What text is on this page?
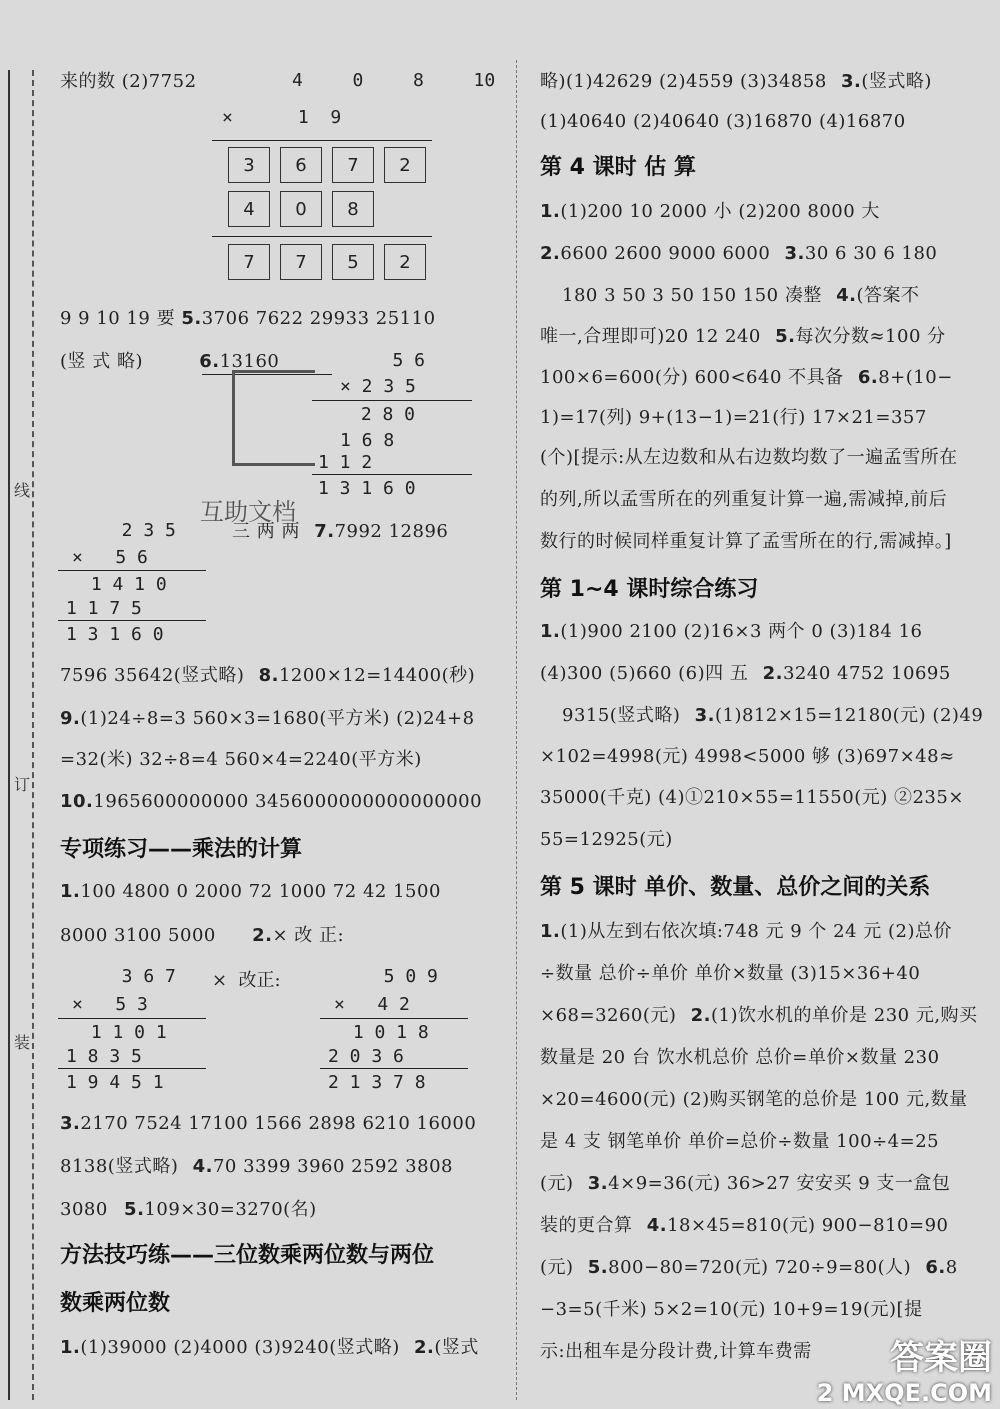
线
订
装
来的数 (2)7752	4  0  8  10
×      1  9
3	6	7	2
4	0	8
7	7	5	2
9 9 10 19 要 5.3706 7622 29933 25110
(竖 式 略)	6.13160	5 6
× 2 3 5
2 8 0
1 6 8
1 1 2
1 3 1 6 0
互助文档
三 两 两 7.7992 12896
2 3 5
×   5 6
1 4 1 0
1 1 7 5
1 3 1 6 0
7596 35642(竖式略) 8.1200×12=14400(秒)
9.(1)24÷8=3 560×3=1680(平方米) (2)24+8
=32(米) 32÷8=4 560×4=2240(平方米)
10.1965600000000 3456000000000000000
专项练习——乘法的计算
1.100 4800 0 2000 72 1000 72 42 1500
8000 3100 5000 2.× 改 正:
3 6 7 ×  改正:
×   5 3
1 1 0 1
1 8 3 5
1 9 4 5 1
5 0 9
×   4 2
1 0 1 8
2 0 3 6
2 1 3 7 8
3.2170 7524 17100 1566 2898 6210 16000
8138(竖式略) 4.70 3399 3960 2592 3808
3080 5.109×30=3270(名)
方法技巧练——三位数乘两位数与两位
数乘两位数
1.(1)39000 (2)4000 (3)9240(竖式略) 2.(竖式
略)(1)42629 (2)4559 (3)34858 3.(竖式略)
(1)40640 (2)40640 (3)16870 (4)16870
第 4 课时 估 算
1.(1)200 10 2000 小 (2)200 8000 大
2.6600 2600 9000 6000 3.30 6 30 6 180
180 3 50 3 50 150 150 凑整 4.(答案不
唯一,合理即可)20 12 240 5.每次分数≈100 分
100×6=600(分) 600<640 不具备 6.8+(10−
1)=17(列) 9+(13−1)=21(行) 17×21=357
(个)[提示:从左边数和从右边数均数了一遍孟雪所在
的列,所以孟雪所在的列重复计算一遍,需减掉,前后
数行的时候同样重复计算了孟雪所在的行,需减掉。]
第 1~4 课时综合练习
1.(1)900 2100 (2)16×3 两个 0 (3)184 16
(4)300 (5)660 (6)四 五 2.3240 4752 10695
9315(竖式略) 3.(1)812×15=12180(元) (2)49
×102=4998(元) 4998<5000 够 (3)697×48≈
35000(千克) (4)①210×55=11550(元) ②235×
55=12925(元)
第 5 课时 单价、数量、总价之间的关系
1.(1)从左到右依次填:748 元 9 个 24 元 (2)总价
÷数量 总价÷单价 单价×数量 (3)15×36+40
×68=3260(元) 2.(1)饮水机的单价是 230 元,购买
数量是 20 台 饮水机总价 总价=单价×数量 230
×20=4600(元) (2)购买钢笔的总价是 100 元,数量
是 4 支 钢笔单价 单价=总价÷数量 100÷4=25
(元) 3.4×9=36(元) 36>27 安安买 9 支一盒包
装的更合算 4.18×45=810(元) 900−810=90
(元) 5.800−80=720(元) 720÷9=80(人) 6.8
−3=5(千米) 5×2=10(元) 10+9=19(元)[提
示:出租车是分段计费,计算车费需 答案圈
2 MXQE.COM
